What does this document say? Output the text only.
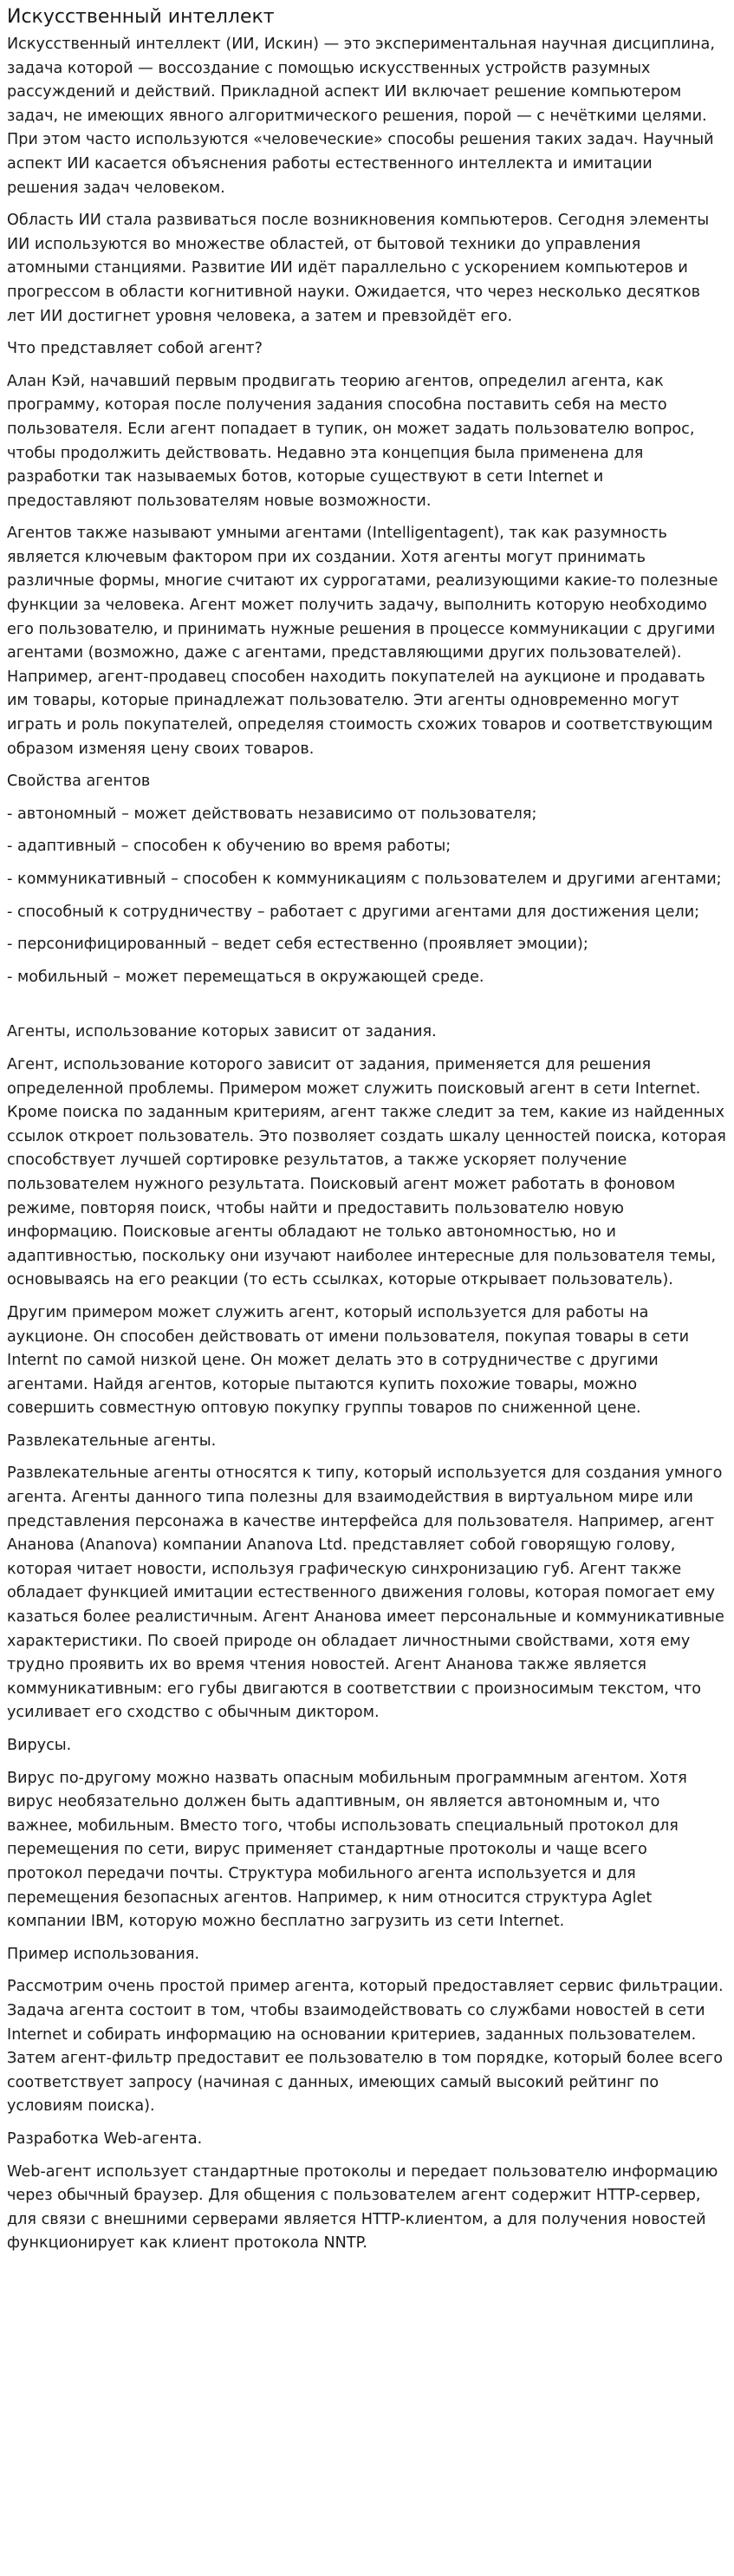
Искусственный интеллект

Искусственный интеллект (ИИ, Искин) — это экспериментальная научная дисциплина, задача которой — воссоздание с помощью искусственных устройств разумных рассуждений и действий. Прикладной аспект ИИ включает решение компьютером задач, не имеющих явного алгоритмического решения, порой — с нечёткими целями. При этом часто используются «человеческие» способы решения таких задач. Научный аспект ИИ касается объяснения работы естественного интеллекта и имитации решения задач человеком.

Область ИИ стала развиваться после возникновения компьютеров. Сегодня элементы ИИ используются во множестве областей, от бытовой техники до управления атомными станциями. Развитие ИИ идёт параллельно с ускорением компьютеров и прогрессом в области когнитивной науки. Ожидается, что через несколько десятков лет ИИ достигнет уровня человека, а затем и превзойдёт его.

Что представляет собой агент?

Алан Кэй, начавший первым продвигать теорию агентов, определил агента, как программу, которая после получения задания способна поставить себя на место пользователя. Если агент попадает в тупик, он может задать пользователю вопрос, чтобы продолжить действовать. Недавно эта концепция была применена для разработки так называемых ботов, которые существуют в сети Internet и предоставляют пользователям новые возможности.

Агентов также называют умными агентами (Intelligentagent), так как разумность является ключевым фактором при их создании. Хотя агенты могут принимать различные формы, многие считают их суррогатами, реализующими какие-то полезные функции за человека. Агент может получить задачу, выполнить которую необходимо его пользователю, и принимать нужные решения в процессе коммуникации с другими агентами (возможно, даже с агентами, представляющими других пользователей). Например, агент-продавец способен находить покупателей на аукционе и продавать им товары, которые принадлежат пользователю. Эти агенты одновременно могут играть и роль покупателей, определяя стоимость схожих товаров и соответствующим образом изменяя цену своих товаров.

Свойства агентов

- автономный – может действовать независимо от пользователя;

- адаптивный – способен к обучению во время работы;

- коммуникативный – способен к коммуникациям с пользователем и другими агентами;

- способный к сотрудничеству – работает с другими агентами для достижения цели;

- персонифицированный – ведет себя естественно (проявляет эмоции);

- мобильный – может перемещаться в окружающей среде.

Агенты, использование которых зависит от задания.

Агент, использование которого зависит от задания, применяется для решения определенной проблемы. Примером может служить поисковый агент в сети Internet. Кроме поиска по заданным критериям, агент также следит за тем, какие из найденных ссылок откроет пользователь. Это позволяет создать шкалу ценностей поиска, которая способствует лучшей сортировке результатов, а также ускоряет получение пользователем нужного результата. Поисковый агент может работать в фоновом режиме, повторяя поиск, чтобы найти и предоставить пользователю новую информацию. Поисковые агенты обладают не только автономностью, но и адаптивностью, поскольку они изучают наиболее интересные для пользователя темы, основываясь на его реакции (то есть ссылках, которые открывает пользователь).

Другим примером может служить агент, который используется для работы на аукционе. Он способен действовать от имени пользователя, покупая товары в сети Internt по самой низкой цене. Он может делать это в сотрудничестве с другими агентами. Найдя агентов, которые пытаются купить похожие товары, можно совершить совместную оптовую покупку группы товаров по сниженной цене.

Развлекательные агенты.

Развлекательные агенты относятся к типу, который используется для создания умного агента. Агенты данного типа полезны для взаимодействия в виртуальном мире или представления персонажа в качестве интерфейса для пользователя. Например, агент Ананова (Ananova) компании Ananova Ltd. представляет собой говорящую голову, которая читает новости, используя графическую синхронизацию губ. Агент также обладает функцией имитации естественного движения головы, которая помогает ему казаться более реалистичным. Агент Ананова имеет персональные и коммуникативные характеристики. По своей природе он обладает личностными свойствами, хотя ему трудно проявить их во время чтения новостей. Агент Ананова также является коммуникативным: его губы двигаются в соответствии с произносимым текстом, что усиливает его сходство с обычным диктором.

Вирусы.

Вирус по-другому можно назвать опасным мобильным программным агентом. Хотя вирус необязательно должен быть адаптивным, он является автономным и, что важнее, мобильным. Вместо того, чтобы использовать специальный протокол для перемещения по сети, вирус применяет стандартные протоколы и чаще всего протокол передачи почты. Структура мобильного агента используется и для перемещения безопасных агентов. Например, к ним относится структура Aglet компании IBM, которую можно бесплатно загрузить из сети Internet.

Пример использования.

Рассмотрим очень простой пример агента, который предоставляет сервис фильтрации. Задача агента состоит в том, чтобы взаимодействовать со службами новостей в сети Internet и собирать информацию на основании критериев, заданных пользователем. Затем агент-фильтр предоставит ее пользователю в том порядке, который более всего соответствует запросу (начиная с данных, имеющих самый высокий рейтинг по условиям поиска).

Разработка Web-агента.

Web-агент использует стандартные протоколы и передает пользователю информацию через обычный браузер. Для общения с пользователем агент содержит HTTP-сервер, для связи с внешними серверами является HTTP-клиентом, а для получения новостей функционирует как клиент протокола NNTP.
